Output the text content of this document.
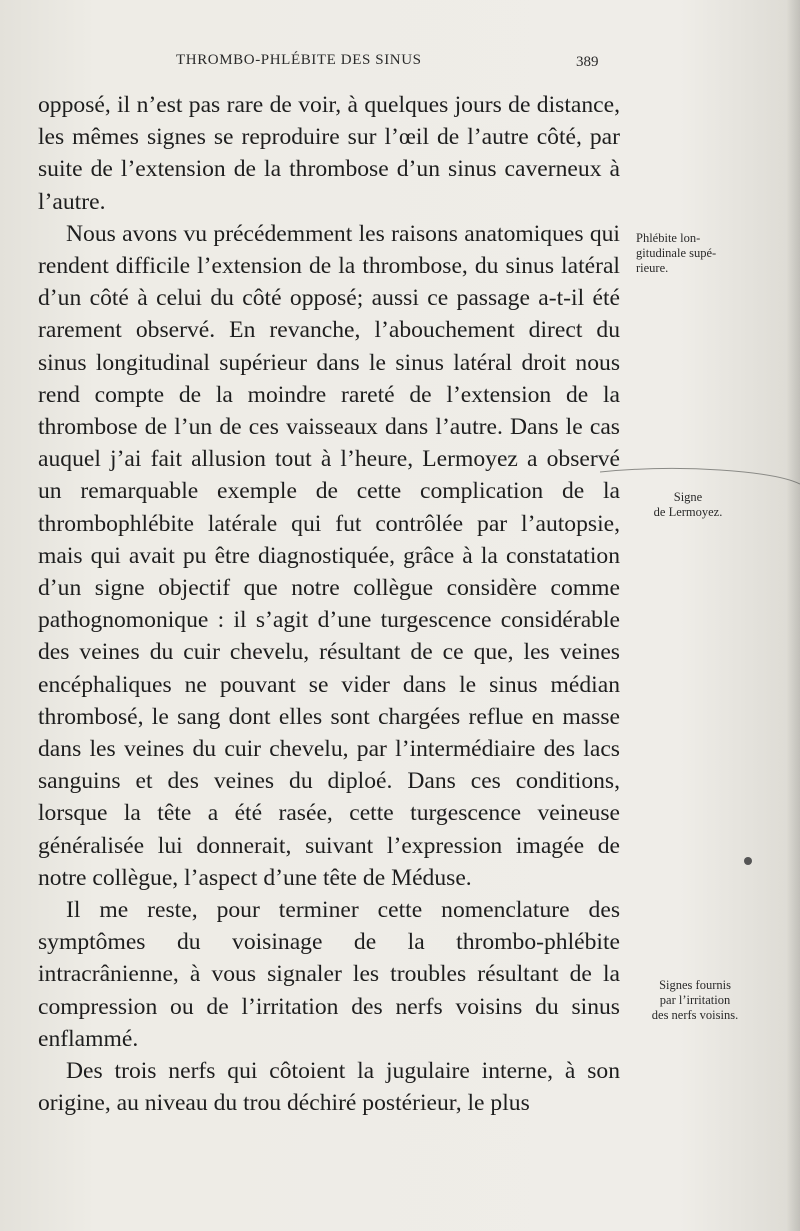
THROMBO-PHLÉBITE DES SINUS	389

opposé, il n’est pas rare de voir, à quelques jours de distance, les mêmes signes se reproduire sur l’œil de l’autre côté, par suite de l’extension de la thrombose d’un sinus caverneux à l’autre.

Nous avons vu précédemment les raisons anatomiques qui rendent difficile l’extension de la thrombose, du sinus latéral d’un côté à celui du côté opposé; aussi ce passage a-t-il été rarement observé. En revanche, l’abouchement direct du sinus longitudinal supérieur dans le sinus latéral droit nous rend compte de la moindre rareté de l’extension de la thrombose de l’un de ces vaisseaux dans l’autre. Dans le cas auquel j’ai fait allusion tout à l’heure, Lermoyez a observé un remarquable exemple de cette complication de la thrombophlébite latérale qui fut contrôlée par l’autopsie, mais qui avait pu être diagnostiquée, grâce à la constatation d’un signe objectif que notre collègue considère comme pathognomonique : il s’agit d’une turgescence considérable des veines du cuir chevelu, résultant de ce que, les veines encéphaliques ne pouvant se vider dans le sinus médian thrombosé, le sang dont elles sont chargées reflue en masse dans les veines du cuir chevelu, par l’intermédiaire des lacs sanguins et des veines du diploé. Dans ces conditions, lorsque la tête a été rasée, cette turgescence veineuse généralisée lui donnerait, suivant l’expression imagée de notre collègue, l’aspect d’une tête de Méduse.

Il me reste, pour terminer cette nomenclature des symptômes du voisinage de la thrombo-phlébite intracrânienne, à vous signaler les troubles résultant de la compression ou de l’irritation des nerfs voisins du sinus enflammé.

Des trois nerfs qui côtoient la jugulaire interne, à son origine, au niveau du trou déchiré postérieur, le plus

Phlébite lon-
gitudinale supé-
rieure.
Signe
de Lermoyez.
Signes fournis
par l’irritation
des nerfs voisins.
